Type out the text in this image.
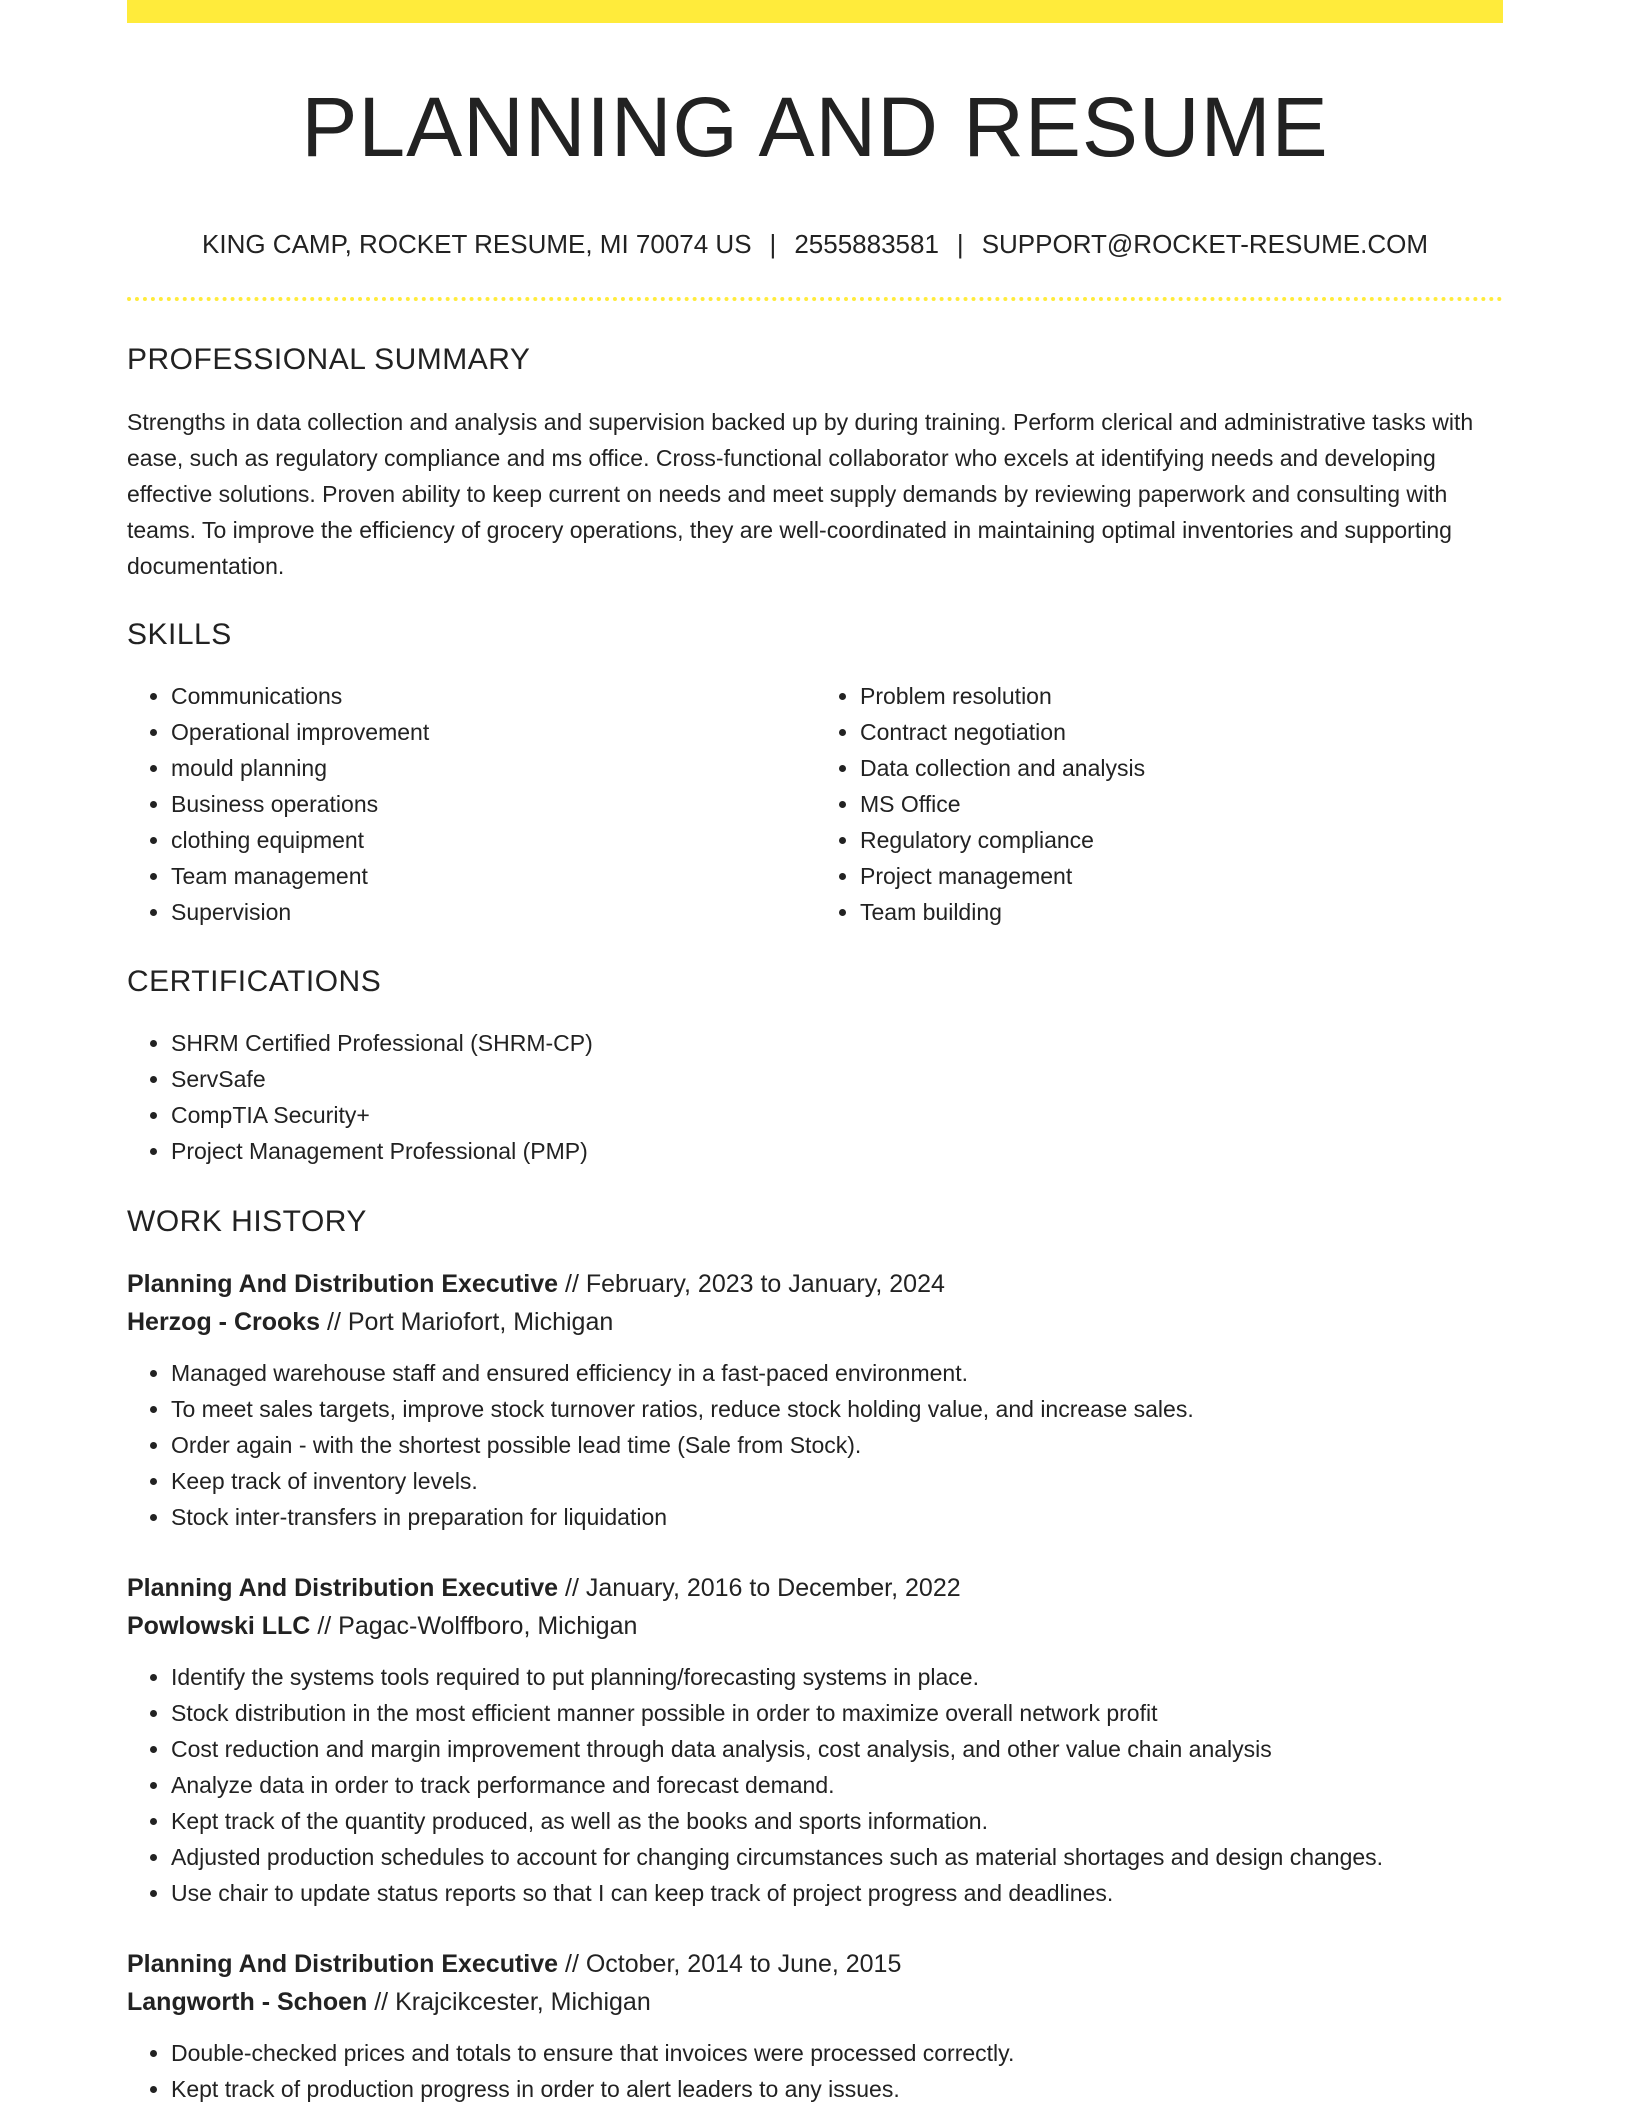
PLANNING AND RESUME
KING CAMP, ROCKET RESUME, MI 70074 US | 2555883581 | SUPPORT@ROCKET-RESUME.COM
PROFESSIONAL SUMMARY
Strengths in data collection and analysis and supervision backed up by during training. Perform clerical and administrative tasks with ease, such as regulatory compliance and ms office. Cross-functional collaborator who excels at identifying needs and developing effective solutions. Proven ability to keep current on needs and meet supply demands by reviewing paperwork and consulting with teams. To improve the efficiency of grocery operations, they are well-coordinated in maintaining optimal inventories and supporting documentation.
SKILLS
• Communications
• Operational improvement
• mould planning
• Business operations
• clothing equipment
• Team management
• Supervision
• Problem resolution
• Contract negotiation
• Data collection and analysis
• MS Office
• Regulatory compliance
• Project management
• Team building
CERTIFICATIONS
• SHRM Certified Professional (SHRM-CP)
• ServSafe
• CompTIA Security+
• Project Management Professional (PMP)
WORK HISTORY
Planning And Distribution Executive // February, 2023 to January, 2024
Herzog - Crooks // Port Mariofort, Michigan
• Managed warehouse staff and ensured efficiency in a fast-paced environment.
• To meet sales targets, improve stock turnover ratios, reduce stock holding value, and increase sales.
• Order again - with the shortest possible lead time (Sale from Stock).
• Keep track of inventory levels.
• Stock inter-transfers in preparation for liquidation
Planning And Distribution Executive // January, 2016 to December, 2022
Powlowski LLC // Pagac-Wolffboro, Michigan
• Identify the systems tools required to put planning/forecasting systems in place.
• Stock distribution in the most efficient manner possible in order to maximize overall network profit
• Cost reduction and margin improvement through data analysis, cost analysis, and other value chain analysis
• Analyze data in order to track performance and forecast demand.
• Kept track of the quantity produced, as well as the books and sports information.
• Adjusted production schedules to account for changing circumstances such as material shortages and design changes.
• Use chair to update status reports so that I can keep track of project progress and deadlines.
Planning And Distribution Executive // October, 2014 to June, 2015
Langworth - Schoen // Krajcikcester, Michigan
• Double-checked prices and totals to ensure that invoices were processed correctly.
• Kept track of production progress in order to alert leaders to any issues.
